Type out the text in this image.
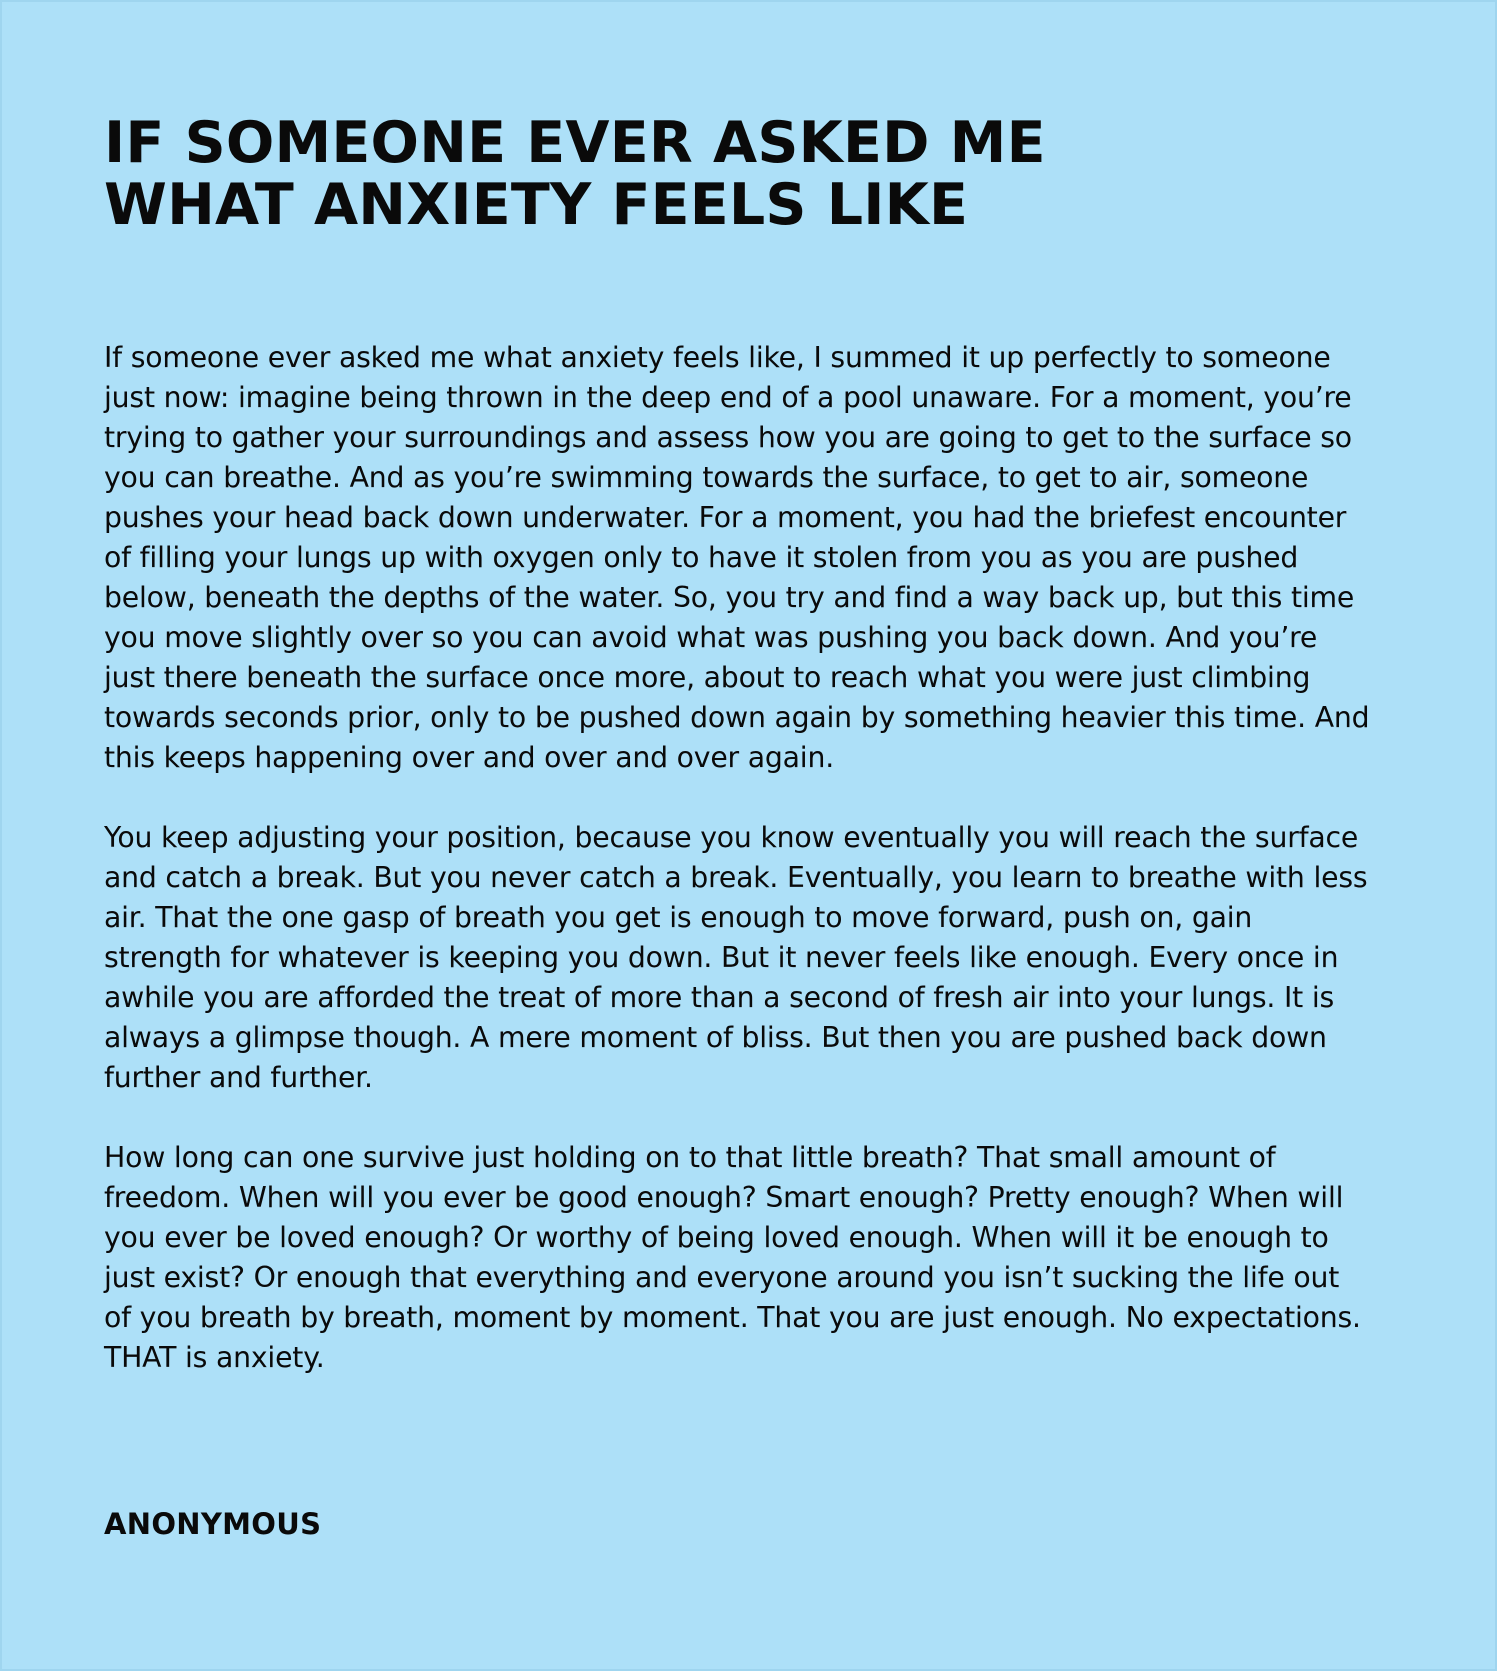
IF SOMEONE EVER ASKED ME
WHAT ANXIETY FEELS LIKE

If someone ever asked me what anxiety feels like, I summed it up perfectly to someone
just now: imagine being thrown in the deep end of a pool unaware. For a moment, you’re
trying to gather your surroundings and assess how you are going to get to the surface so
you can breathe. And as you’re swimming towards the surface, to get to air, someone
pushes your head back down underwater. For a moment, you had the briefest encounter
of filling your lungs up with oxygen only to have it stolen from you as you are pushed
below, beneath the depths of the water. So, you try and find a way back up, but this time
you move slightly over so you can avoid what was pushing you back down. And you’re
just there beneath the surface once more, about to reach what you were just climbing
towards seconds prior, only to be pushed down again by something heavier this time. And
this keeps happening over and over and over again.

You keep adjusting your position, because you know eventually you will reach the surface
and catch a break. But you never catch a break. Eventually, you learn to breathe with less
air. That the one gasp of breath you get is enough to move forward, push on, gain
strength for whatever is keeping you down. But it never feels like enough. Every once in
awhile you are afforded the treat of more than a second of fresh air into your lungs. It is
always a glimpse though. A mere moment of bliss. But then you are pushed back down
further and further.

How long can one survive just holding on to that little breath? That small amount of
freedom. When will you ever be good enough? Smart enough? Pretty enough? When will
you ever be loved enough? Or worthy of being loved enough. When will it be enough to
just exist? Or enough that everything and everyone around you isn’t sucking the life out
of you breath by breath, moment by moment. That you are just enough. No expectations.
THAT is anxiety.

ANONYMOUS
